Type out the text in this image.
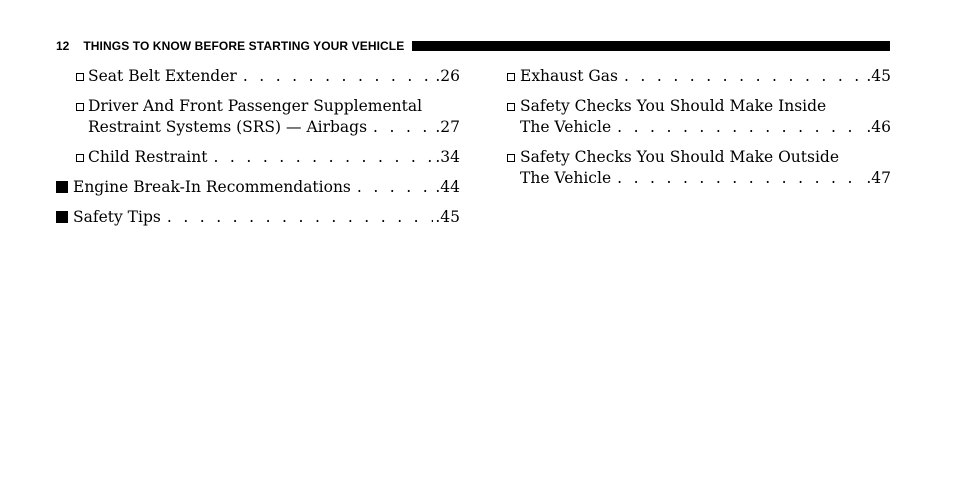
12 THINGS TO KNOW BEFORE STARTING YOUR VEHICLE
Seat Belt Extender . . .	.26
Driver And Front Passenger Supplemental
Restraint Systems (SRS) — Airbags . . .	.27
Child Restraint . . .	.34
Engine Break-In Recommendations . . .	.44
Safety Tips . . .	.45
Exhaust Gas . . .	.45
Safety Checks You Should Make Inside
The Vehicle . . .	.46
Safety Checks You Should Make Outside
The Vehicle . . .	.47
